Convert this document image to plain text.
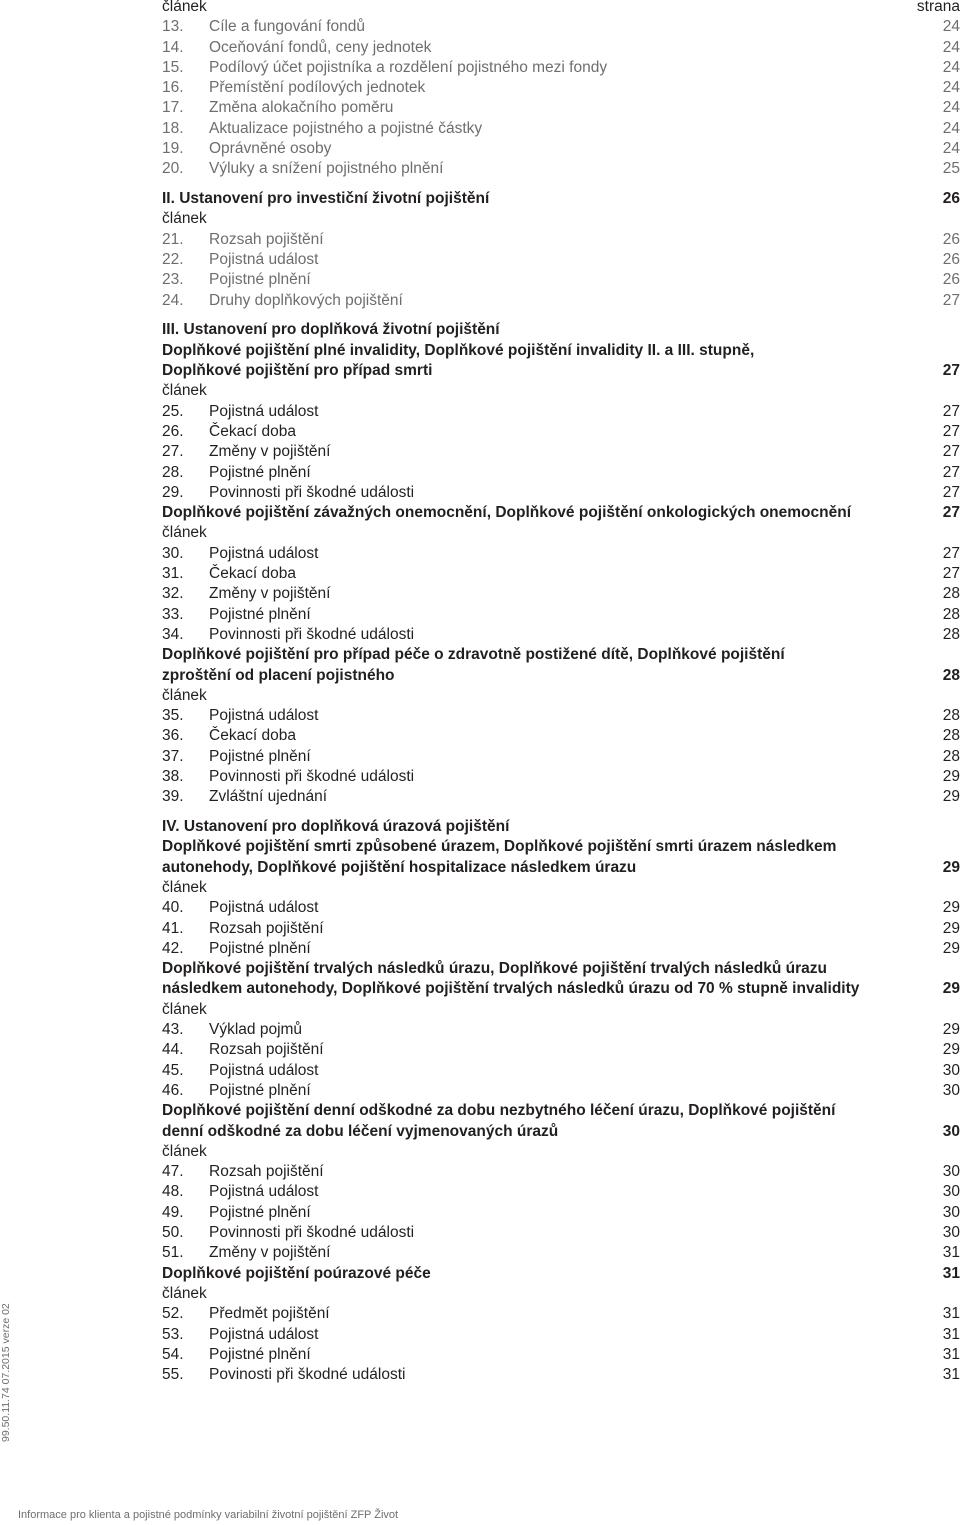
článek	strana
13.	Cíle a fungování fondů	24
14.	Oceňování fondů, ceny jednotek	24
15.	Podílový účet pojistníka a rozdělení pojistného mezi fondy	24
16.	Přemístění podílových jednotek	24
17.	Změna alokačního poměru	24
18.	Aktualizace pojistného a pojistné částky	24
19.	Oprávněné osoby	24
20.	Výluky a snížení pojistného plnění	25
II. Ustanovení pro investiční životní pojištění	26
článek
21.	Rozsah pojištění	26
22.	Pojistná událost	26
23.	Pojistné plnění	26
24.	Druhy doplňkových pojištění	27
III. Ustanovení pro doplňková životní pojištění
Doplňkové pojištění plné invalidity, Doplňkové pojištění invalidity II. a III. stupně,
Doplňkové pojištění pro případ smrti	27
článek
25.	Pojistná událost	27
26.	Čekací doba	27
27.	Změny v pojištění	27
28.	Pojistné plnění	27
29.	Povinnosti při škodné události	27
Doplňkové pojištění závažných onemocnění, Doplňkové pojištění onkologických onemocnění	27
článek
30.	Pojistná událost	27
31.	Čekací doba	27
32.	Změny v pojištění	28
33.	Pojistné plnění	28
34.	Povinnosti při škodné události	28
Doplňkové pojištění pro případ péče o zdravotně postižené dítě, Doplňkové pojištění
zproštění od placení pojistného	28
článek
35.	Pojistná událost	28
36.	Čekací doba	28
37.	Pojistné plnění	28
38.	Povinnosti při škodné události	29
39.	Zvláštní ujednání	29
IV. Ustanovení pro doplňková úrazová pojištění
Doplňkové pojištění smrti způsobené úrazem, Doplňkové pojištění smrti úrazem následkem
autonehody, Doplňkové pojištění hospitalizace následkem úrazu	29
článek
40.	Pojistná událost	29
41.	Rozsah pojištění	29
42.	Pojistné plnění	29
Doplňkové pojištění trvalých následků úrazu, Doplňkové pojištění trvalých následků úrazu
následkem autonehody, Doplňkové pojištění trvalých následků úrazu od 70 % stupně invalidity	29
článek
43.	Výklad pojmů	29
44.	Rozsah pojištění	29
45.	Pojistná událost	30
46.	Pojistné plnění	30
Doplňkové pojištění denní odškodné za dobu nezbytného léčení úrazu, Doplňkové pojištění
denní odškodné za dobu léčení vyjmenovaných úrazů	30
článek
47.	Rozsah pojištění	30
48.	Pojistná událost	30
49.	Pojistné plnění	30
50.	Povinnosti při škodné události	30
51.	Změny v pojištění	31
Doplňkové pojištění poúrazové péče	31
článek
52.	Předmět pojištění	31
53.	Pojistná událost	31
54.	Pojistné plnění	31
55.	Povinosti při škodné události	31
99.50.11.74 07.2015 verze 02
Informace pro klienta a pojistné podmínky variabilní životní pojištění ZFP Život
